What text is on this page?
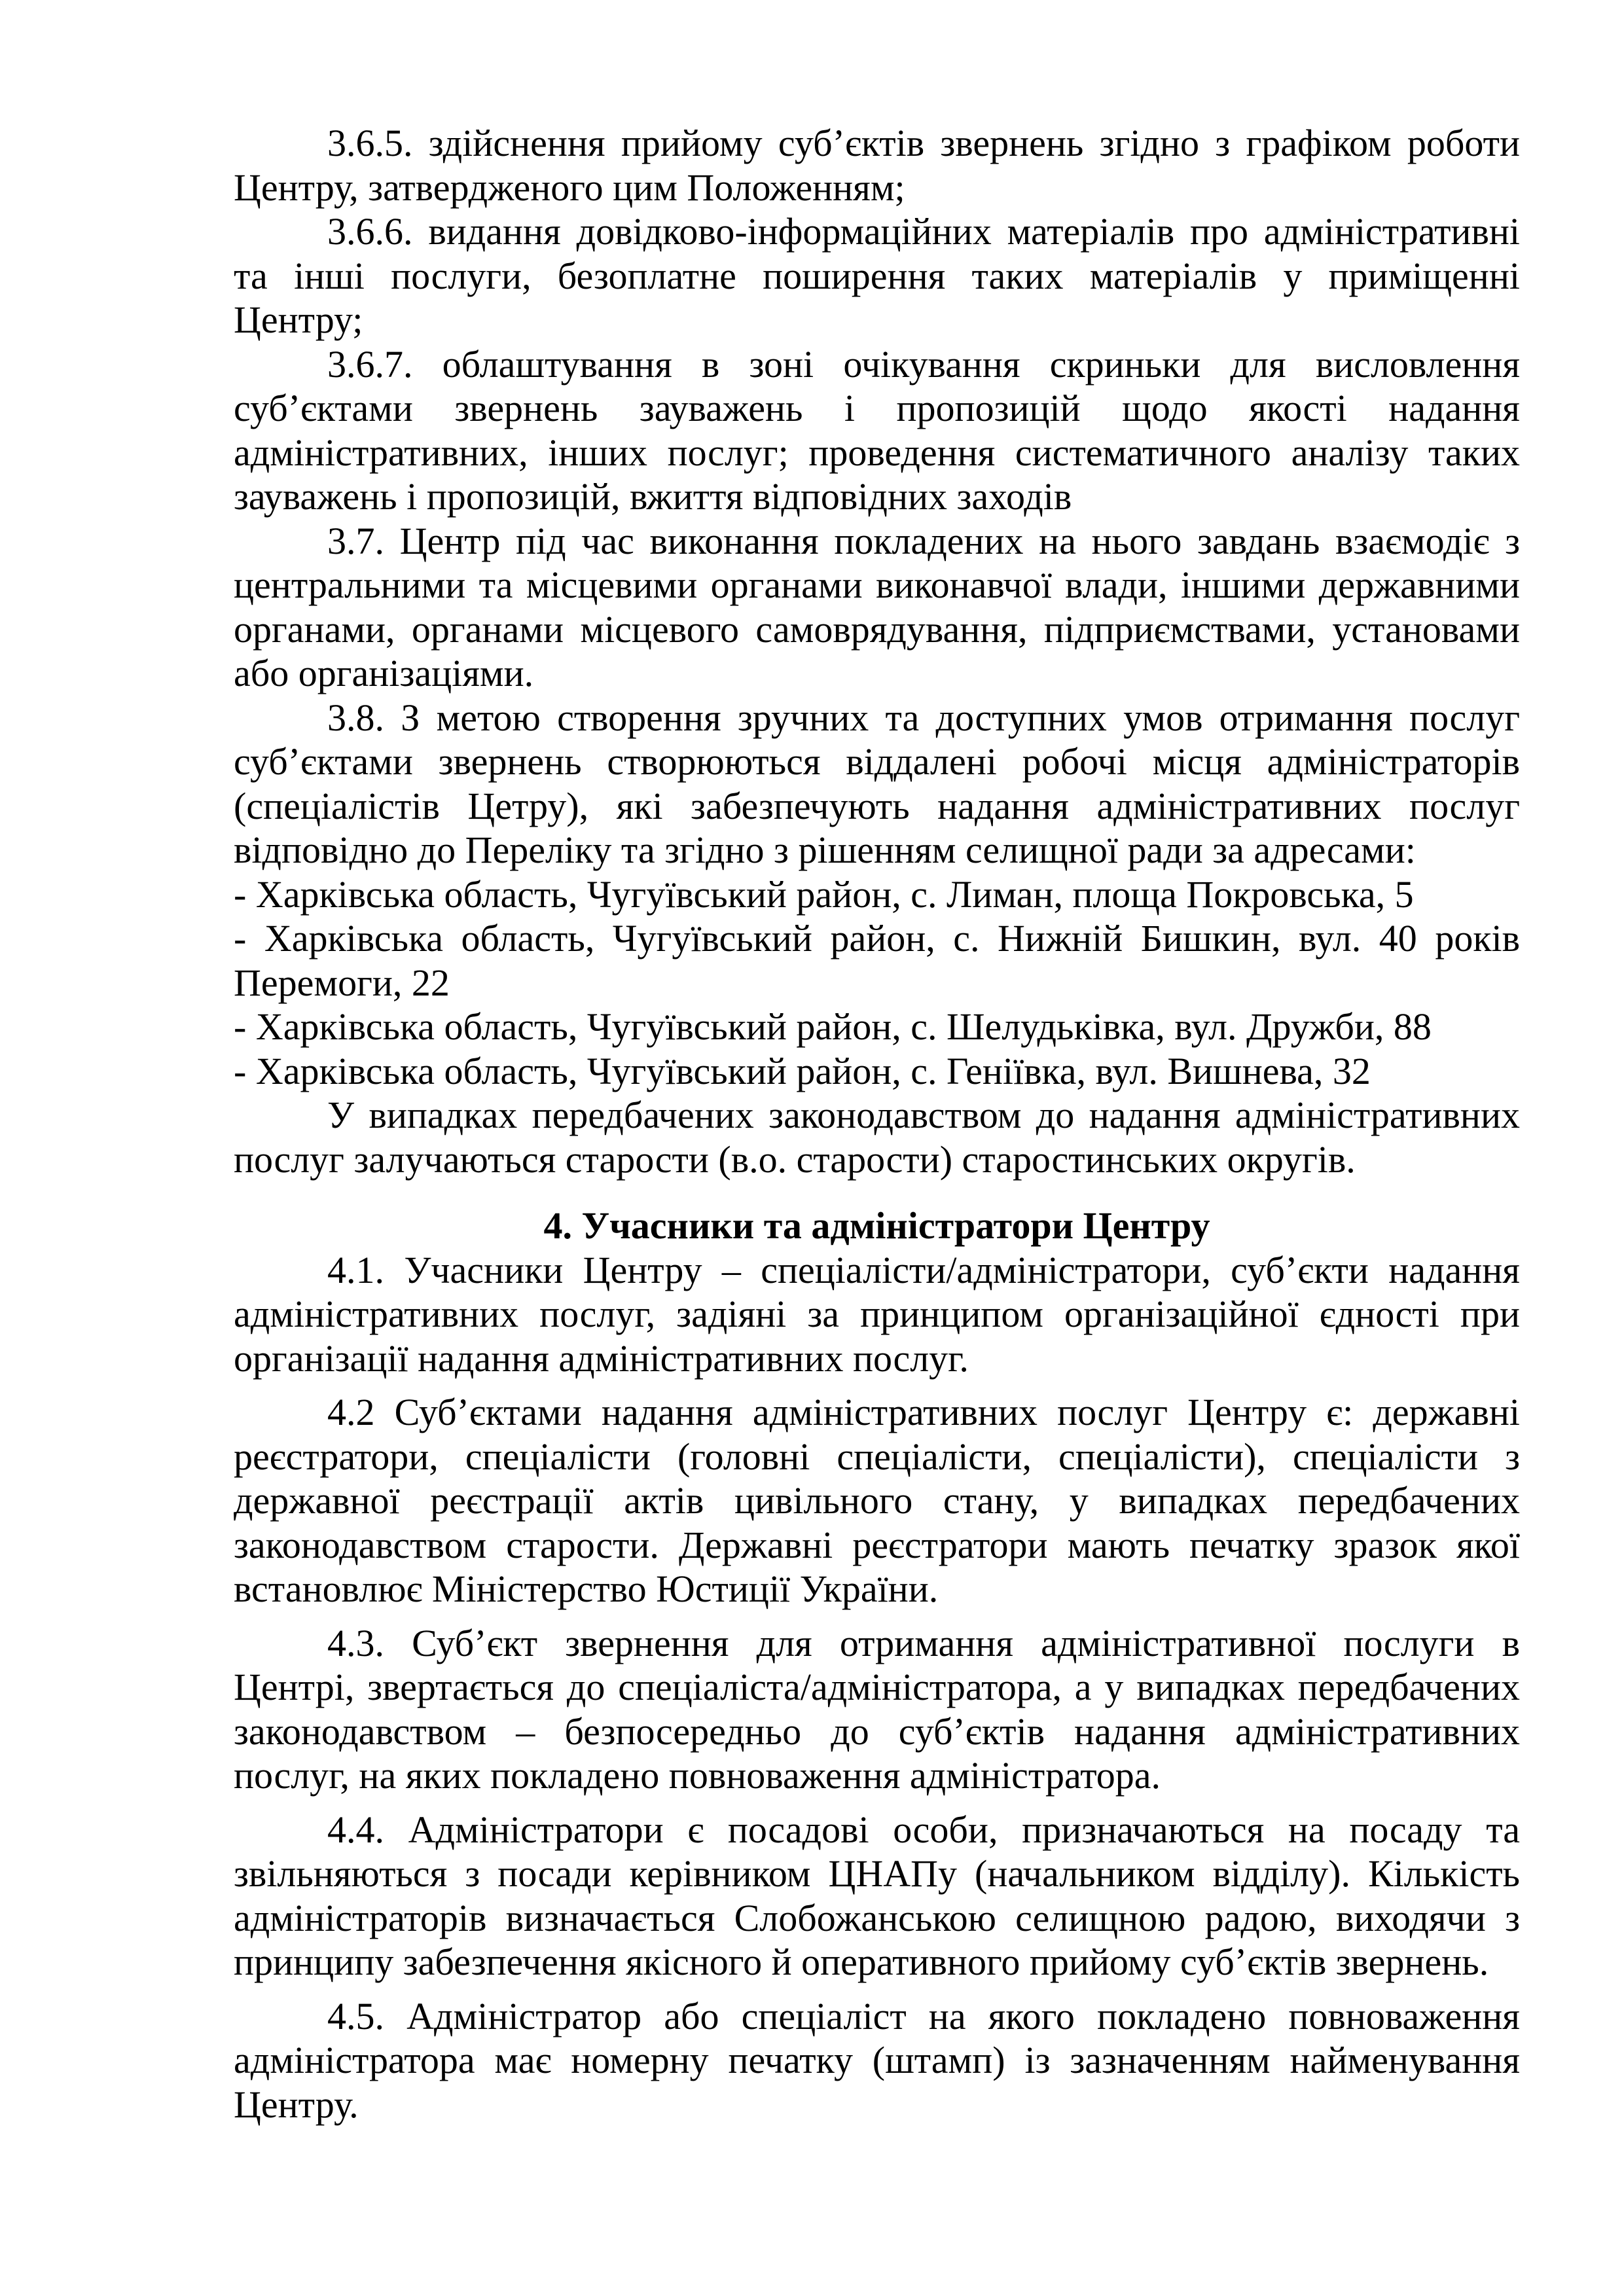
3.6.5. здійснення прийому суб’єктів звернень згідно з графіком роботи Центру, затвердженого цим Положенням;

3.6.6. видання довідково-інформаційних матеріалів про адміністративні та інші послуги, безоплатне поширення таких матеріалів у приміщенні Центру;

3.6.7. облаштування в зоні очікування скриньки для висловлення суб’єктами звернень зауважень і пропозицій щодо якості надання адміністративних, інших послуг; проведення систематичного аналізу таких зауважень і пропозицій, вжиття відповідних заходів

3.7. Центр під час виконання покладених на нього завдань взаємодіє з центральними та місцевими органами виконавчої влади, іншими державними органами, органами місцевого самоврядування, підприємствами, установами або організаціями.

3.8. З метою створення зручних та доступних умов отримання послуг суб’єктами звернень створюються віддалені робочі місця адміністраторів (спеціалістів Цетру), які забезпечують надання адміністративних послуг відповідно до Переліку та згідно з рішенням селищної ради за адресами:

- Харківська область, Чугуївський район, с. Лиман, площа Покровська, 5

- Харківська область, Чугуївський район, с. Нижній Бишкин, вул. 40 років Перемоги, 22

- Харківська область, Чугуївський район, с. Шелудьківка, вул. Дружби, 88

- Харківська область, Чугуївський район, с. Геніївка, вул. Вишнева, 32

У випадках передбачених законодавством до надання адміністративних послуг залучаються старости (в.о. старости) старостинських округів.

4. Учасники та адміністратори Центру

4.1. Учасники Центру – спеціалісти/адміністратори, суб’єкти надання адміністративних послуг, задіяні за принципом організаційної єдності при організації надання адміністративних послуг.

4.2 Суб’єктами надання адміністративних послуг Центру є: державні реєстратори, спеціалісти (головні спеціалісти, спеціалісти), спеціалісти з державної реєстрації актів цивільного стану, у випадках передбачених законодавством старости. Державні реєстратори мають печатку зразок якої встановлює Міністерство Юстиції України.

4.3. Суб’єкт звернення для отримання адміністративної послуги в Центрі, звертається до спеціаліста/адміністратора, а у випадках передбачених законодавством – безпосередньо до суб’єктів надання адміністративних послуг, на яких покладено повноваження адміністратора.

4.4. Адміністратори є посадові особи, призначаються на посаду та звільняються з посади керівником ЦНАПу (начальником відділу). Кількість адміністраторів визначається Слобожанською селищною радою, виходячи з принципу забезпечення якісного й оперативного прийому суб’єктів звернень.

4.5. Адміністратор або спеціаліст на якого покладено повноваження адміністратора має номерну печатку (штамп) із зазначенням найменування Центру.
